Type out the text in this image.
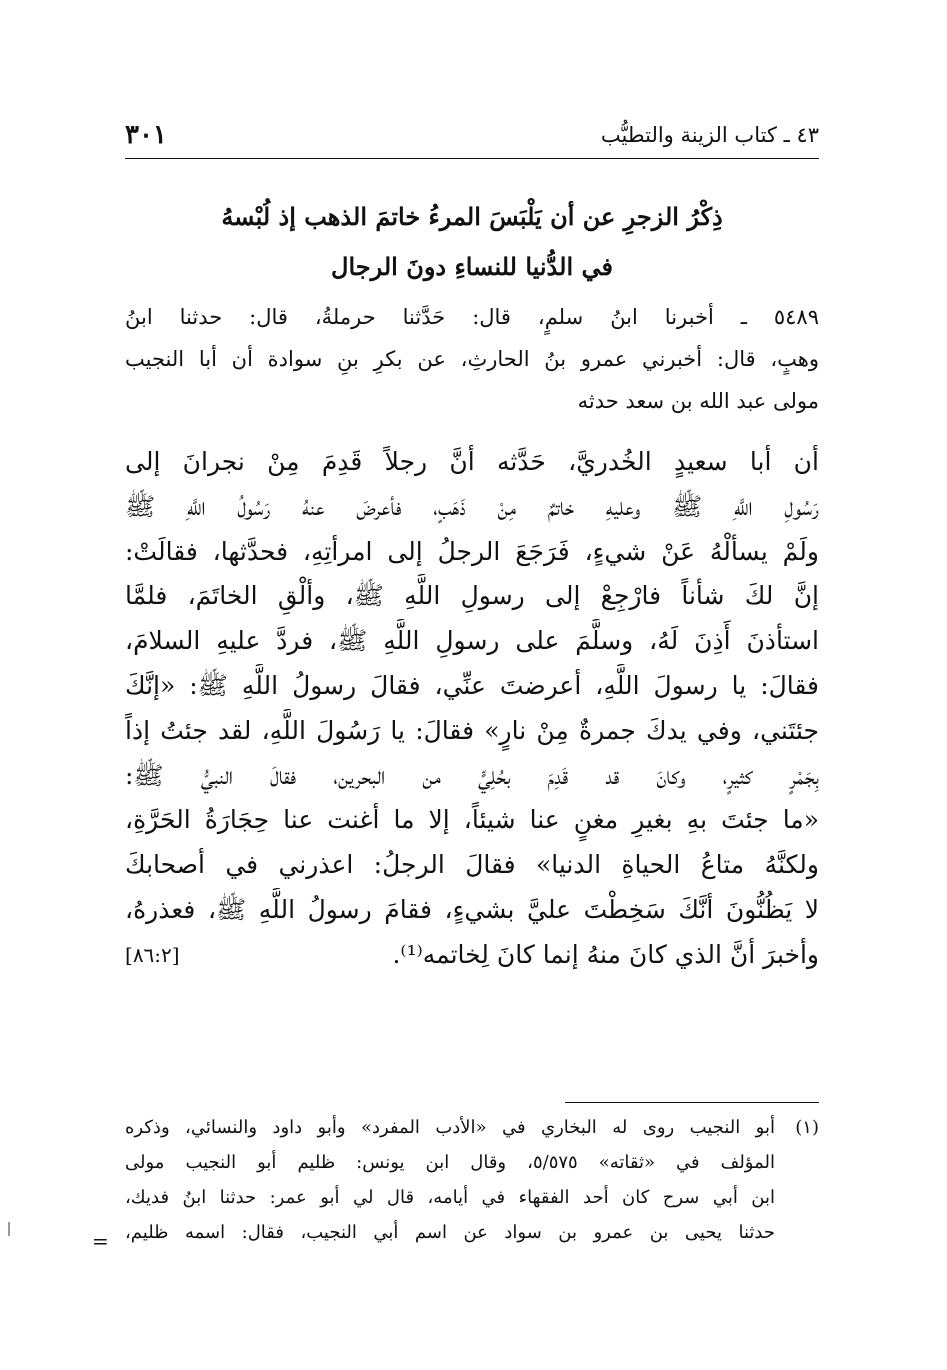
٤٣ ـ كتاب الزينة والتطيُّب
٣٠١
ذِكْرُ الزجرِ عن أن يَلْبَسَ المرءُ خاتمَ الذهب إذ لُبْسهُ
في الدُّنيا للنساءِ دونَ الرجال
٥٤٨٩ ـ أخبرنا ابنُ سلمٍ، قال: حَدَّثنا حرملةُ، قال: حدثنا ابنُ
وهبٍ، قال: أخبرني عمرو بنُ الحارثِ، عن بكرِ بنِ سوادة أن أبا النجيب
مولى عبد الله بن سعد حدثه
أن أبا سعيدٍ الخُدريَّ، حَدَّثه أنَّ رجلاً قَدِمَ مِنْ نجرانَ إلى
رَسُولِ اللَّهِ ﷺ وعليهِ خاتمٌ مِنْ ذَهَبٍ، فأعرضَ عنهُ رَسُولُ اللَّهِ ﷺ
ولَمْ يسألْهُ عَنْ شيءٍ، فَرَجَعَ الرجلُ إلى امرأتِهِ، فحدَّثها، فقالَتْ:
إنَّ لكَ شأناً فارْجِعْ إلى رسولِ اللَّهِ ﷺ، وألْقِ الخاتَمَ، فلمَّا
استأذنَ أَذِنَ لَهُ، وسلَّمَ على رسولِ اللَّهِ ﷺ، فردَّ عليهِ السلامَ،
فقالَ: يا رسولَ اللَّهِ، أعرضتَ عنِّي، فقالَ رسولُ اللَّهِ ﷺ: «إنَّكَ
جئتَني، وفي يدكَ جمرةٌ مِنْ نارٍ» فقالَ: يا رَسُولَ اللَّهِ، لقد جئتُ إذاً
بِجَمْرٍ كثيرٍ، وكانَ قد قَدِمَ بحُلِيٍّ من البحرين، فقالَ النبيُّ ﷺ:
«ما جئتَ بهِ بغيرِ مغنٍ عنا شيئاً، إلا ما أغنت عنا حِجَارَةُ الحَرَّةِ،
ولكنَّهُ متاعُ الحياةِ الدنيا» فقالَ الرجلُ: اعذرني في أصحابكَ
لا يَظُنُّونَ أنَّكَ سَخِطْتَ عليَّ بشيءٍ، فقامَ رسولُ اللَّهِ ﷺ، فعذرهُ،
وأخبرَ أنَّ الذي كانَ منهُ إنما كانَ لِخاتمه⁽¹⁾.
[٨٦:٢]
(١)
أبو النجيب روى له البخاري في «الأدب المفرد» وأبو داود والنسائي، وذكره
المؤلف في «ثقاته» ٥/٥٧٥، وقال ابن يونس: ظليم أبو النجيب مولى
ابن أبي سرح كان أحد الفقهاء في أيامه، قال لي أبو عمر: حدثنا ابنُ فديك،
حدثنا يحيى بن عمرو بن سواد عن اسم أبي النجيب، فقال: اسمه ظليم،
=
